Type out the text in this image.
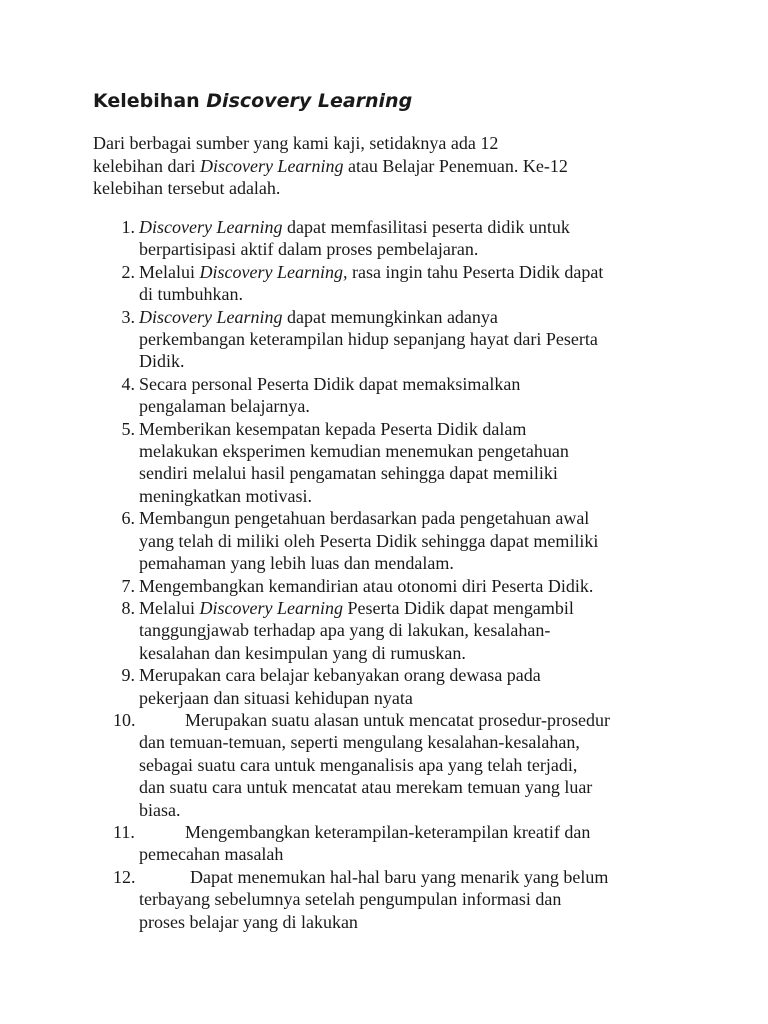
Kelebihan Discovery Learning

Dari berbagai sumber yang kami kaji, setidaknya ada 12
kelebihan dari Discovery Learning atau Belajar Penemuan. Ke-12
kelebihan tersebut adalah.

1. Discovery Learning dapat memfasilitasi peserta didik untuk
berpartisipasi aktif dalam proses pembelajaran.
2. Melalui Discovery Learning, rasa ingin tahu Peserta Didik dapat
di tumbuhkan.
3. Discovery Learning dapat memungkinkan adanya
perkembangan keterampilan hidup sepanjang hayat dari Peserta
Didik.
4. Secara personal Peserta Didik dapat memaksimalkan
pengalaman belajarnya.
5. Memberikan kesempatan kepada Peserta Didik dalam
melakukan eksperimen kemudian menemukan pengetahuan
sendiri melalui hasil pengamatan sehingga dapat memiliki
meningkatkan motivasi.
6. Membangun pengetahuan berdasarkan pada pengetahuan awal
yang telah di miliki oleh Peserta Didik sehingga dapat memiliki
pemahaman yang lebih luas dan mendalam.
7. Mengembangkan kemandirian atau otonomi diri Peserta Didik.
8. Melalui Discovery Learning Peserta Didik dapat mengambil
tanggungjawab terhadap apa yang di lakukan, kesalahan-
kesalahan dan kesimpulan yang di rumuskan.
9. Merupakan cara belajar kebanyakan orang dewasa pada
pekerjaan dan situasi kehidupan nyata
10.	Merupakan suatu alasan untuk mencatat prosedur-prosedur
dan temuan-temuan, seperti mengulang kesalahan-kesalahan,
sebagai suatu cara untuk menganalisis apa yang telah terjadi,
dan suatu cara untuk mencatat atau merekam temuan yang luar
biasa.
11.	Mengembangkan keterampilan-keterampilan kreatif dan
pemecahan masalah
12.	Dapat menemukan hal-hal baru yang menarik yang belum
terbayang sebelumnya setelah pengumpulan informasi dan
proses belajar yang di lakukan
